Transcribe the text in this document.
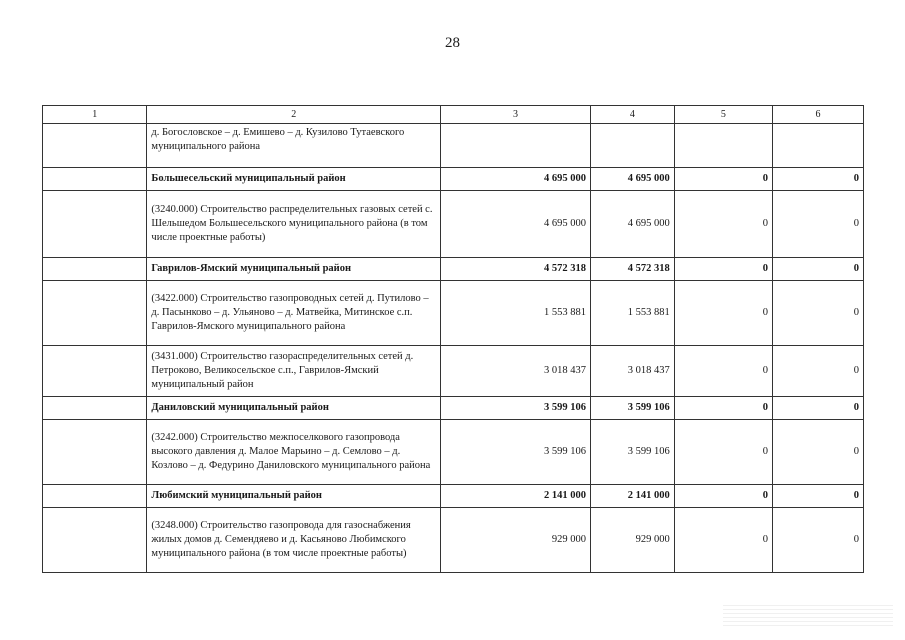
28
1	2	3	4	5	6
	д. Богословское – д. Емишево – д. Кузилово Тутаевского муниципального района				
	Большесельский муниципальный район	4 695 000	4 695 000	0	0
	(3240.000) Строительство распределительных газовых сетей с. Шельшедом Большесельского муниципального района (в том числе проектные работы)	4 695 000	4 695 000	0	0
	Гаврилов-Ямский муниципальный район	4 572 318	4 572 318	0	0
	(3422.000) Строительство газопроводных сетей д. Путилово –д. Пасынково – д. Ульяново – д. Матвейка, Митинское с.п. Гаврилов-Ямского муниципального района	1 553 881	1 553 881	0	0
	(3431.000) Строительство газораспределительных сетей д. Петроково, Великосельское с.п., Гаврилов-Ямский муниципальный район	3 018 437	3 018 437	0	0
	Даниловский муниципальный район	3 599 106	3 599 106	0	0
	(3242.000) Строительство межпоселкового газопровода высокого давления д. Малое Марьино – д. Семлово – д. Козлово – д. Федурино Даниловского муниципального района	3 599 106	3 599 106	0	0
	Любимский муниципальный район	2 141 000	2 141 000	0	0
	(3248.000) Строительство газопровода для газоснабжения жилых домов д. Семендяево и д. Касьяново Любимского муниципального района (в том числе проектные работы)	929 000	929 000	0	0
